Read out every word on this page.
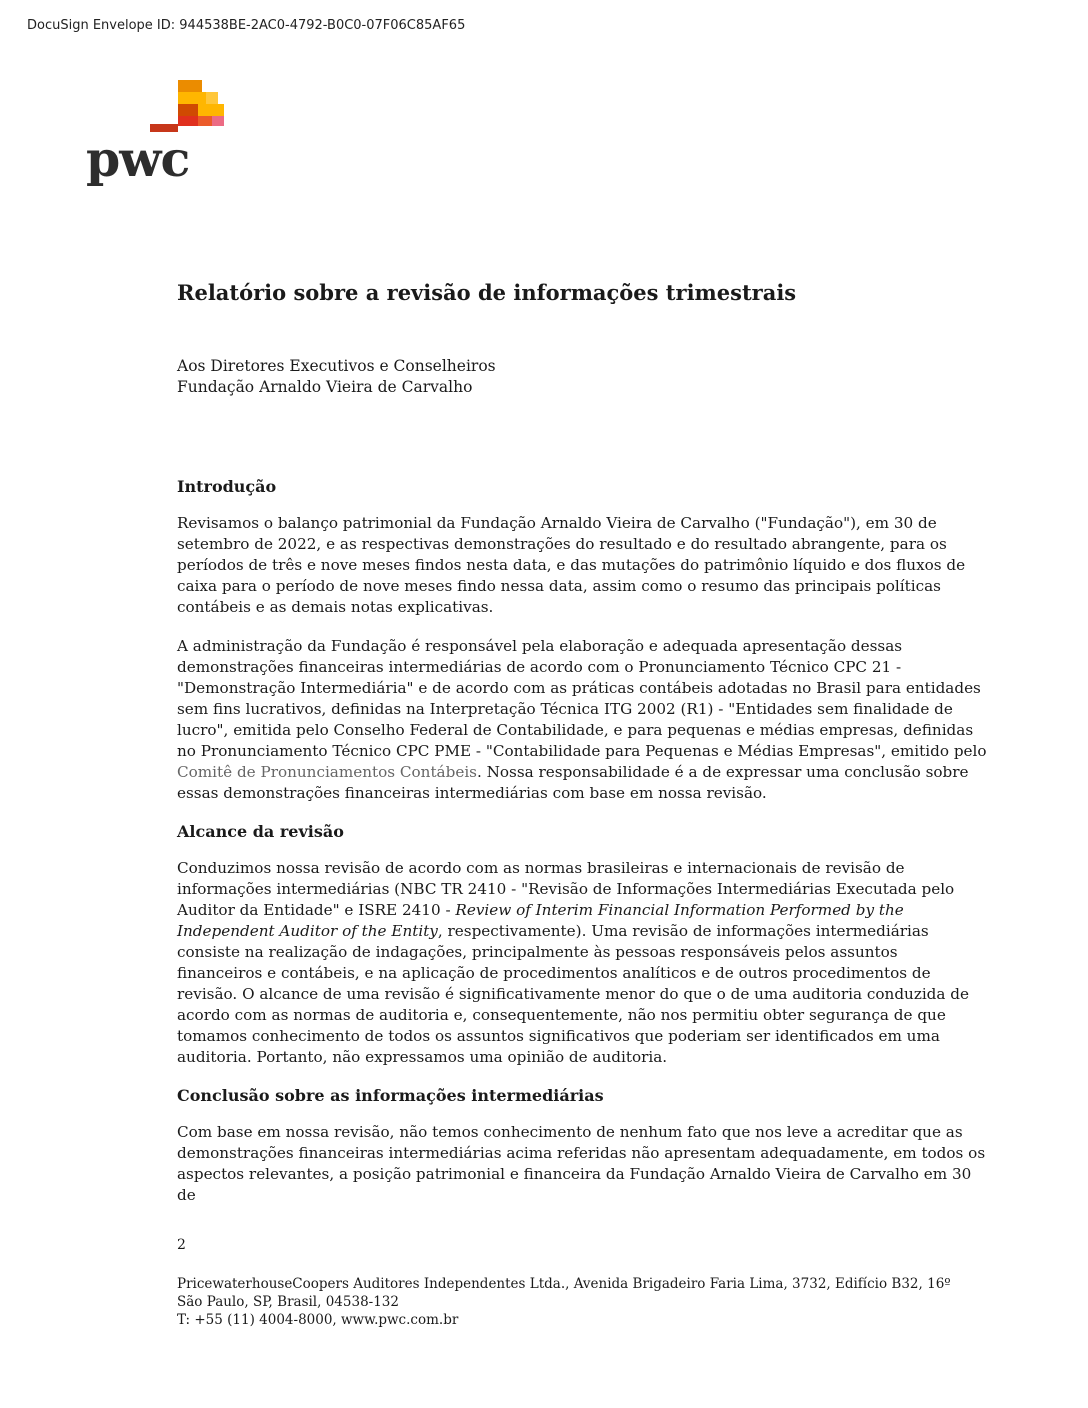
DocuSign Envelope ID: 944538BE-2AC0-4792-B0C0-07F06C85AF65
pwc
Relatório sobre a revisão de informações trimestrais
Aos Diretores Executivos e Conselheiros
Fundação Arnaldo Vieira de Carvalho
Introdução

Revisamos o balanço patrimonial da Fundação Arnaldo Vieira de Carvalho ("Fundação"), em 30 de setembro de 2022, e as respectivas demonstrações do resultado e do resultado abrangente, para os períodos de três e nove meses findos nesta data, e das mutações do patrimônio líquido e dos fluxos de caixa para o período de nove meses findo nessa data, assim como o resumo das principais políticas contábeis e as demais notas explicativas.

A administração da Fundação é responsável pela elaboração e adequada apresentação dessas demonstrações financeiras intermediárias de acordo com o Pronunciamento Técnico CPC 21 - "Demonstração Intermediária" e de acordo com as práticas contábeis adotadas no Brasil para entidades sem fins lucrativos, definidas na Interpretação Técnica ITG 2002 (R1) - "Entidades sem finalidade de lucro", emitida pelo Conselho Federal de Contabilidade, e para pequenas e médias empresas, definidas no Pronunciamento Técnico CPC PME - "Contabilidade para Pequenas e Médias Empresas", emitido pelo Comitê de Pronunciamentos Contábeis. Nossa responsabilidade é a de expressar uma conclusão sobre essas demonstrações financeiras intermediárias com base em nossa revisão.

Alcance da revisão

Conduzimos nossa revisão de acordo com as normas brasileiras e internacionais de revisão de informações intermediárias (NBC TR 2410 - "Revisão de Informações Intermediárias Executada pelo Auditor da Entidade" e ISRE 2410 - Review of Interim Financial Information Performed by the Independent Auditor of the Entity, respectivamente). Uma revisão de informações intermediárias consiste na realização de indagações, principalmente às pessoas responsáveis pelos assuntos financeiros e contábeis, e na aplicação de procedimentos analíticos e de outros procedimentos de revisão. O alcance de uma revisão é significativamente menor do que o de uma auditoria conduzida de acordo com as normas de auditoria e, consequentemente, não nos permitiu obter segurança de que tomamos conhecimento de todos os assuntos significativos que poderiam ser identificados em uma auditoria. Portanto, não expressamos uma opinião de auditoria.

Conclusão sobre as informações intermediárias

Com base em nossa revisão, não temos conhecimento de nenhum fato que nos leve a acreditar que as demonstrações financeiras intermediárias acima referidas não apresentam adequadamente, em todos os aspectos relevantes, a posição patrimonial e financeira da Fundação Arnaldo Vieira de Carvalho em 30 de

2
PricewaterhouseCoopers Auditores Independentes Ltda., Avenida Brigadeiro Faria Lima, 3732, Edifício B32, 16º
São Paulo, SP, Brasil, 04538-132
T: +55 (11) 4004-8000, www.pwc.com.br
